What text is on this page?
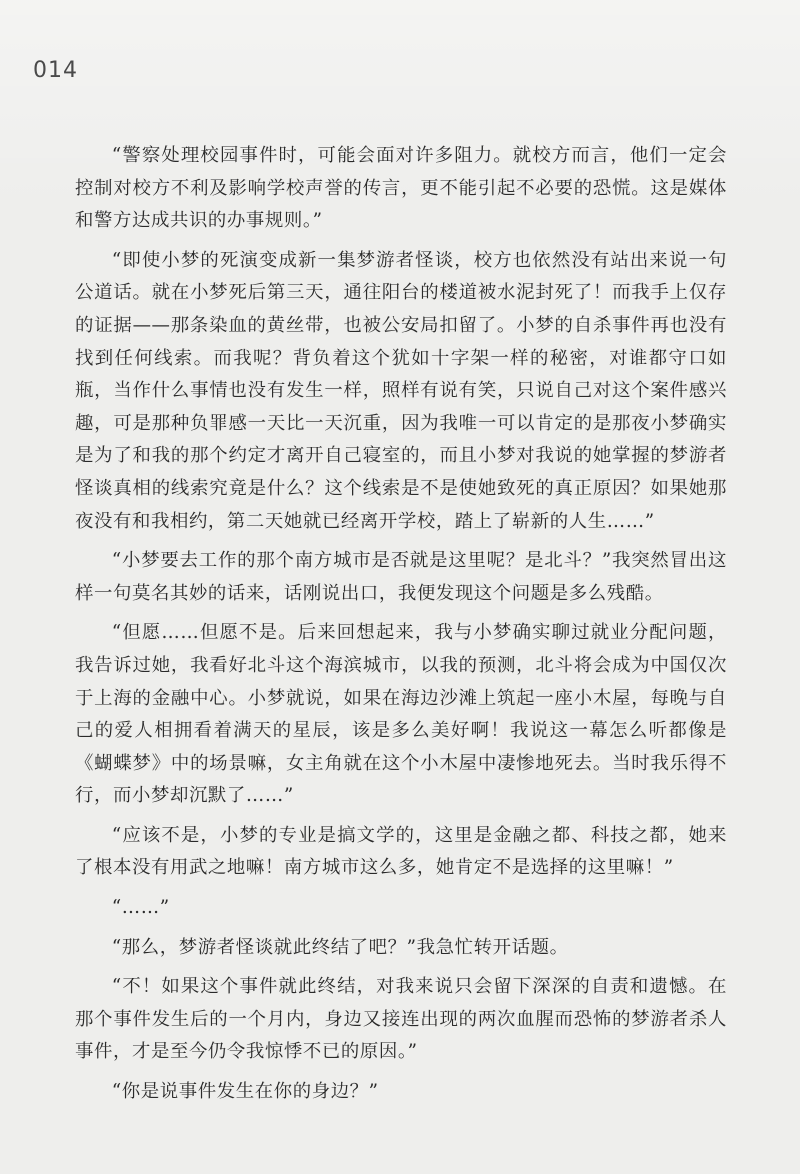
014

“警察处理校园事件时，可能会面对许多阻力。就校方而言，他们一定会控制对校方不利及影响学校声誉的传言，更不能引起不必要的恐慌。这是媒体和警方达成共识的办事规则。”

“即使小梦的死演变成新一集梦游者怪谈，校方也依然没有站出来说一句公道话。就在小梦死后第三天，通往阳台的楼道被水泥封死了！而我手上仅存的证据——那条染血的黄丝带，也被公安局扣留了。小梦的自杀事件再也没有找到任何线索。而我呢？背负着这个犹如十字架一样的秘密，对谁都守口如瓶，当作什么事情也没有发生一样，照样有说有笑，只说自己对这个案件感兴趣，可是那种负罪感一天比一天沉重，因为我唯一可以肯定的是那夜小梦确实是为了和我的那个约定才离开自己寝室的，而且小梦对我说的她掌握的梦游者怪谈真相的线索究竟是什么？这个线索是不是使她致死的真正原因？如果她那夜没有和我相约，第二天她就已经离开学校，踏上了崭新的人生……”

“小梦要去工作的那个南方城市是否就是这里呢？是北斗？”我突然冒出这样一句莫名其妙的话来，话刚说出口，我便发现这个问题是多么残酷。

“但愿……但愿不是。后来回想起来，我与小梦确实聊过就业分配问题，我告诉过她，我看好北斗这个海滨城市，以我的预测，北斗将会成为中国仅次于上海的金融中心。小梦就说，如果在海边沙滩上筑起一座小木屋，每晚与自己的爱人相拥看着满天的星辰，该是多么美好啊！我说这一幕怎么听都像是《蝴蝶梦》中的场景嘛，女主角就在这个小木屋中凄惨地死去。当时我乐得不行，而小梦却沉默了……”

“应该不是，小梦的专业是搞文学的，这里是金融之都、科技之都，她来了根本没有用武之地嘛！南方城市这么多，她肯定不是选择的这里嘛！”

“……”

“那么，梦游者怪谈就此终结了吧？”我急忙转开话题。

“不！如果这个事件就此终结，对我来说只会留下深深的自责和遗憾。在那个事件发生后的一个月内，身边又接连出现的两次血腥而恐怖的梦游者杀人事件，才是至今仍令我惊悸不已的原因。”

“你是说事件发生在你的身边？”
